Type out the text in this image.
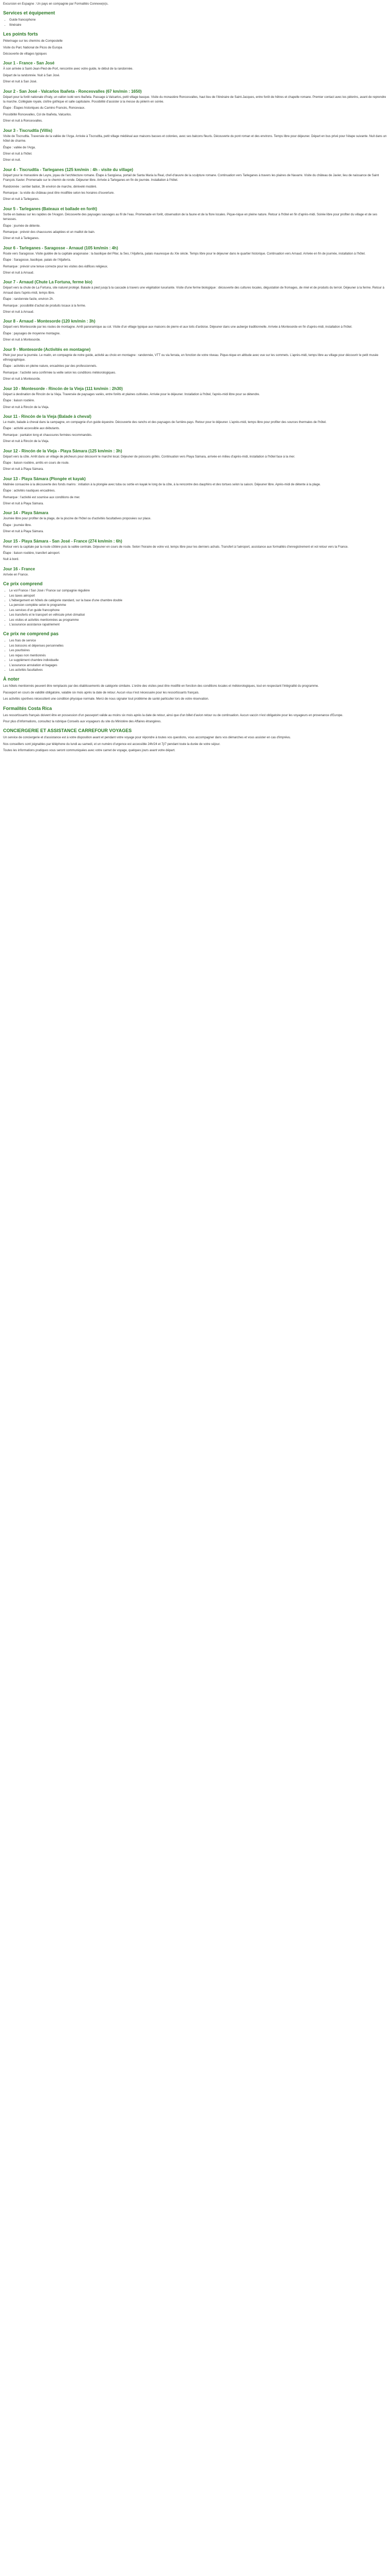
Excursion en Espagne : Un pays en compagnie par Formalités Connexe(e)s.

Services et équipement
• Guide francophone
• Itinéraire
Les points forts

Pèlerinage sur les chemins de Compostelle

Visite du Parc National de Picos de Europa

Découverte de villages typiques

Jour 1 - France - San José

À son arrivée à Saint-Jean-Pied-de-Port, rencontre avec votre guide, le début de la randonnée.

Départ de la randonnée. Nuit à San José.

Dîner et nuit à San José.

Jour 2 - San José - Valcarlos Ibañeta - Roncesvalles (67 km/min : 1650)

Départ pour la forêt nationale d'Iraty, un vallon isolé vers Ibañeta. Passage à Valcarlos, petit village basque. Visite du monastère Roncesvalles, haut lieu de l'itinéraire de Saint-Jacques, entre forêt de hêtres et chapelle romane. Premier contact avec les pèlerins, avant de reprendre la marche. Collégiale royale, cloître gothique et salle capitulaire. Possibilité d'assister à la messe du pèlerin en soirée.

Étape : Étapes historiques du Camino Francés, Roncevaux.

Possibilité Roncevalles, Col de Ibañeta, Valcarlos.

Dîner et nuit à Roncesvalles.

Jour 3 - Tiscrudtla (Villis)

Visite de Tiscrudtla. Traversée de la vallée de l'Arga. Arrivée à Tiscrudtla, petit village médiéval aux maisons basses et colorées, avec ses balcons fleuris. Découverte du pont roman et des environs. Temps libre pour déjeuner. Départ en bus privé pour l'étape suivante. Nuit dans un hôtel de charme.

Étape : vallée de l'Arga.

Dîner et nuit à l'hôtel.

Dîner et nuit.

Jour 4 - Tiscrudtla - Tarleganes (125 km/min : 4h - visite du village)

Départ pour le monastère de Leyre, joyau de l'architecture romane. Étape à Sangüesa, portail de Santa Maria la Real, chef-d'œuvre de la sculpture romane. Continuation vers Tarleganes à travers les plaines de Navarre. Visite du château de Javier, lieu de naissance de Saint François Xavier. Promenade sur le chemin de ronde. Déjeuner libre. Arrivée à Tarleganes en fin de journée. Installation à l'hôtel.

Randonnée : sentier balisé, 3h environ de marche, dénivelé modéré.

Remarque : la visite du château peut être modifiée selon les horaires d'ouverture.

Dîner et nuit à Tarleganes.

Jour 5 - Tarleganes (Bateaux et ballade en forêt)

Sortie en bateau sur les rapides de l'Aragon. Découverte des paysages sauvages au fil de l'eau. Promenade en forêt, observation de la faune et de la flore locales. Pique-nique en pleine nature. Retour à l'hôtel en fin d'après-midi. Soirée libre pour profiter du village et de ses terrasses.

Étape : journée de détente.

Remarque : prévoir des chaussures adaptées et un maillot de bain.

Dîner et nuit à Tarleganes.

Jour 6 - Tarleganes - Saragosse - Arnaud (105 km/min : 4h)

Route vers Saragosse. Visite guidée de la capitale aragonaise : la basilique del Pilar, la Seo, l'Aljafería, palais mauresque du XIe siècle. Temps libre pour le déjeuner dans le quartier historique. Continuation vers Arnaud. Arrivée en fin de journée, installation à l'hôtel.

Étape : Saragosse, basilique, palais de l'Aljafería.

Remarque : prévoir une tenue correcte pour les visites des édifices religieux.

Dîner et nuit à Arnaud.

Jour 7 - Arnaud (Chute La Fortuna, ferme bio)

Départ vers la chute de La Fortuna, site naturel protégé. Balade à pied jusqu'à la cascade à travers une végétation luxuriante. Visite d'une ferme biologique : découverte des cultures locales, dégustation de fromages, de miel et de produits du terroir. Déjeuner à la ferme. Retour à Arnaud dans l'après-midi, temps libre.

Étape : randonnée facile, environ 2h.

Remarque : possibilité d'achat de produits locaux à la ferme.

Dîner et nuit à Arnaud.

Jour 8 - Arnaud - Montesorde (120 km/min : 3h)

Départ vers Montesorde par les routes de montagne. Arrêt panoramique au col. Visite d'un village typique aux maisons de pierre et aux toits d'ardoise. Déjeuner dans une auberge traditionnelle. Arrivée à Montesorde en fin d'après-midi, installation à l'hôtel.

Étape : paysages de moyenne montagne.

Dîner et nuit à Montesorde.

Jour 9 - Montesorde (Activités en montagne)

Plein jour pour la journée. Le matin, en compagnie de notre guide, activité au choix en montagne : randonnée, VTT ou via ferrata, en fonction de votre niveau. Pique-nique en altitude avec vue sur les sommets. L'après-midi, temps libre au village pour découvrir le petit musée ethnographique.

Étape : activités en pleine nature, encadrées par des professionnels.

Remarque : l'activité sera confirmée la veille selon les conditions météorologiques.

Dîner et nuit à Montesorde.

Jour 10 - Montesorde - Rincón de la Vieja (111 km/min : 2h30)

Départ à destination de Rincón de la Vieja. Traversée de paysages variés, entre forêts et plaines cultivées. Arrivée pour le déjeuner. Installation à l'hôtel, l'après-midi libre pour se détendre.

Étape : liaison routière.

Dîner et nuit à Rincón de la Vieja.

Jour 11 - Rincón de la Vieja (Balade à cheval)

Le matin, balade à cheval dans la campagne, en compagnie d'un guide équestre. Découverte des ranchs et des paysages de l'arrière-pays. Retour pour le déjeuner. L'après-midi, temps libre pour profiter des sources thermales de l'hôtel.

Étape : activité accessible aux débutants.

Remarque : pantalon long et chaussures fermées recommandés.

Dîner et nuit à Rincón de la Vieja.

Jour 12 - Rincón de la Vieja - Playa Sámara (125 km/min : 3h)

Départ vers la côte. Arrêt dans un village de pêcheurs pour découvrir le marché local. Déjeuner de poissons grillés. Continuation vers Playa Sámara, arrivée en milieu d'après-midi, installation à l'hôtel face à la mer.

Étape : liaison routière, arrêts en cours de route.

Dîner et nuit à Playa Sámara.

Jour 13 - Playa Sámara (Plongée et kayak)

Matinée consacrée à la découverte des fonds marins : initiation à la plongée avec tuba ou sortie en kayak le long de la côte, à la rencontre des dauphins et des tortues selon la saison. Déjeuner libre. Après-midi de détente à la plage.

Étape : activités nautiques encadrées.

Remarque : l'activité est soumise aux conditions de mer.

Dîner et nuit à Playa Sámara.

Jour 14 - Playa Sámara

Journée libre pour profiter de la plage, de la piscine de l'hôtel ou d'activités facultatives proposées sur place.

Étape : journée libre.

Dîner et nuit à Playa Sámara.

Jour 15 - Playa Sámara - San José - France (274 km/min : 6h)

Retour vers la capitale par la route côtière puis la vallée centrale. Déjeuner en cours de route. Selon l'horaire de votre vol, temps libre pour les derniers achats. Transfert à l'aéroport, assistance aux formalités d'enregistrement et vol retour vers la France.

Étape : liaison routière, transfert aéroport.

Nuit à bord.

Jour 16 - France

Arrivée en France.

Ce prix comprend
• Le vol France / San José / France sur compagnie régulière
• Les taxes aéroport
• L'hébergement en hôtels de catégorie standard, sur la base d'une chambre double
• La pension complète selon le programme
• Les services d'un guide francophone
• Les transferts et le transport en véhicule privé climatisé
• Les visites et activités mentionnées au programme
• L'assurance assistance rapatriement
Ce prix ne comprend pas
• Les frais de service
• Les boissons et dépenses personnelles
• Les pourboires
• Les repas non mentionnés
• Le supplément chambre individuelle
• L'assurance annulation et bagages
• Les activités facultatives
À noter

Les hôtels mentionnés peuvent être remplacés par des établissements de catégorie similaire. L'ordre des visites peut être modifié en fonction des conditions locales et météorologiques, tout en respectant l'intégralité du programme.

Passeport en cours de validité obligatoire, valable six mois après la date de retour. Aucun visa n'est nécessaire pour les ressortissants français.

Les activités sportives nécessitent une condition physique normale. Merci de nous signaler tout problème de santé particulier lors de votre réservation.

Formalités Costa Rica

Les ressortissants français doivent être en possession d'un passeport valide au moins six mois après la date de retour, ainsi que d'un billet d'avion retour ou de continuation. Aucun vaccin n'est obligatoire pour les voyageurs en provenance d'Europe.

Pour plus d'informations, consultez la rubrique Conseils aux voyageurs du site du Ministère des Affaires étrangères.

CONCIERGERIE ET ASSISTANCE CARREFOUR VOYAGES

Un service de conciergerie et d'assistance est à votre disposition avant et pendant votre voyage pour répondre à toutes vos questions, vous accompagner dans vos démarches et vous assister en cas d'imprévu.

Nos conseillers sont joignables par téléphone du lundi au samedi, et un numéro d'urgence est accessible 24h/24 et 7j/7 pendant toute la durée de votre séjour.

Toutes les informations pratiques vous seront communiquées avec votre carnet de voyage, quelques jours avant votre départ.
